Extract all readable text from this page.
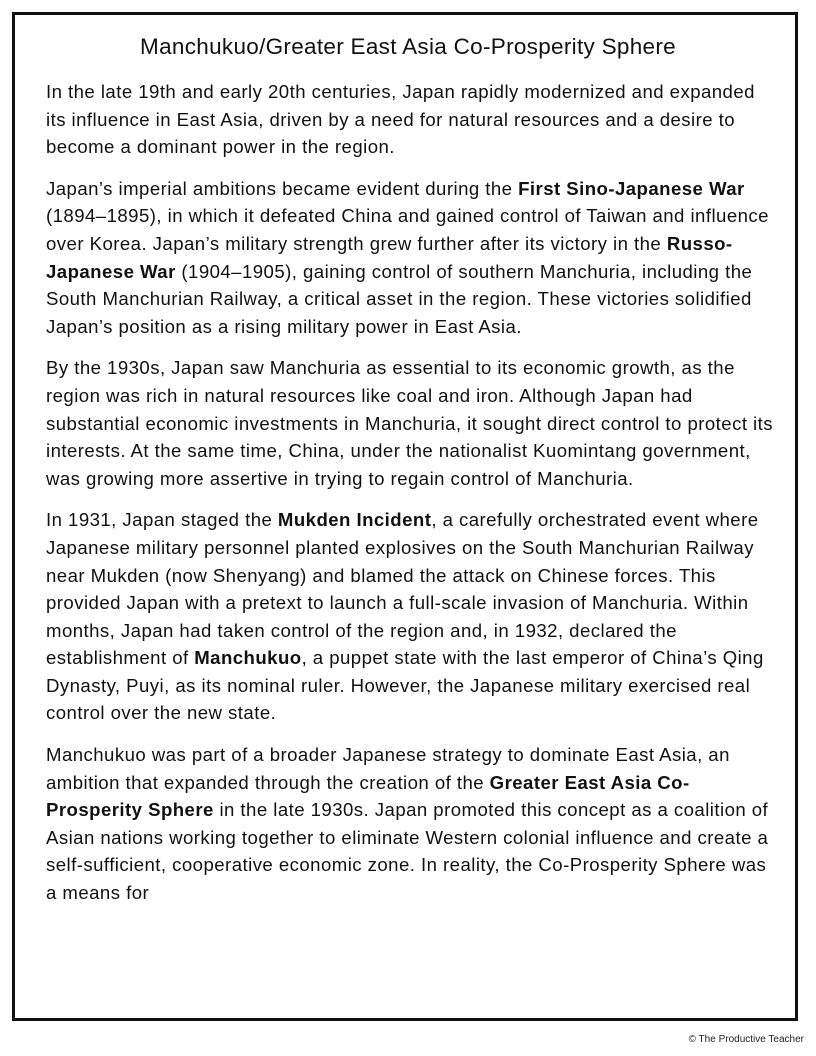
Manchukuo/Greater East Asia Co-Prosperity Sphere

In the late 19th and early 20th centuries, Japan rapidly modernized and expanded its influence in East Asia, driven by a need for natural resources and a desire to become a dominant power in the region.

Japan’s imperial ambitions became evident during the First Sino-Japanese War (1894–1895), in which it defeated China and gained control of Taiwan and influence over Korea. Japan’s military strength grew further after its victory in the Russo-Japanese War (1904–1905), gaining control of southern Manchuria, including the South Manchurian Railway, a critical asset in the region. These victories solidified Japan’s position as a rising military power in East Asia.

By the 1930s, Japan saw Manchuria as essential to its economic growth, as the region was rich in natural resources like coal and iron. Although Japan had substantial economic investments in Manchuria, it sought direct control to protect its interests. At the same time, China, under the nationalist Kuomintang government, was growing more assertive in trying to regain control of Manchuria.

In 1931, Japan staged the Mukden Incident, a carefully orchestrated event where Japanese military personnel planted explosives on the South Manchurian Railway near Mukden (now Shenyang) and blamed the attack on Chinese forces. This provided Japan with a pretext to launch a full-scale invasion of Manchuria. Within months, Japan had taken control of the region and, in 1932, declared the establishment of Manchukuo, a puppet state with the last emperor of China’s Qing Dynasty, Puyi, as its nominal ruler. However, the Japanese military exercised real control over the new state.

Manchukuo was part of a broader Japanese strategy to dominate East Asia, an ambition that expanded through the creation of the Greater East Asia Co-Prosperity Sphere in the late 1930s. Japan promoted this concept as a coalition of Asian nations working together to eliminate Western colonial influence and create a self-sufficient, cooperative economic zone. In reality, the Co-Prosperity Sphere was a means for

© The Productive Teacher
